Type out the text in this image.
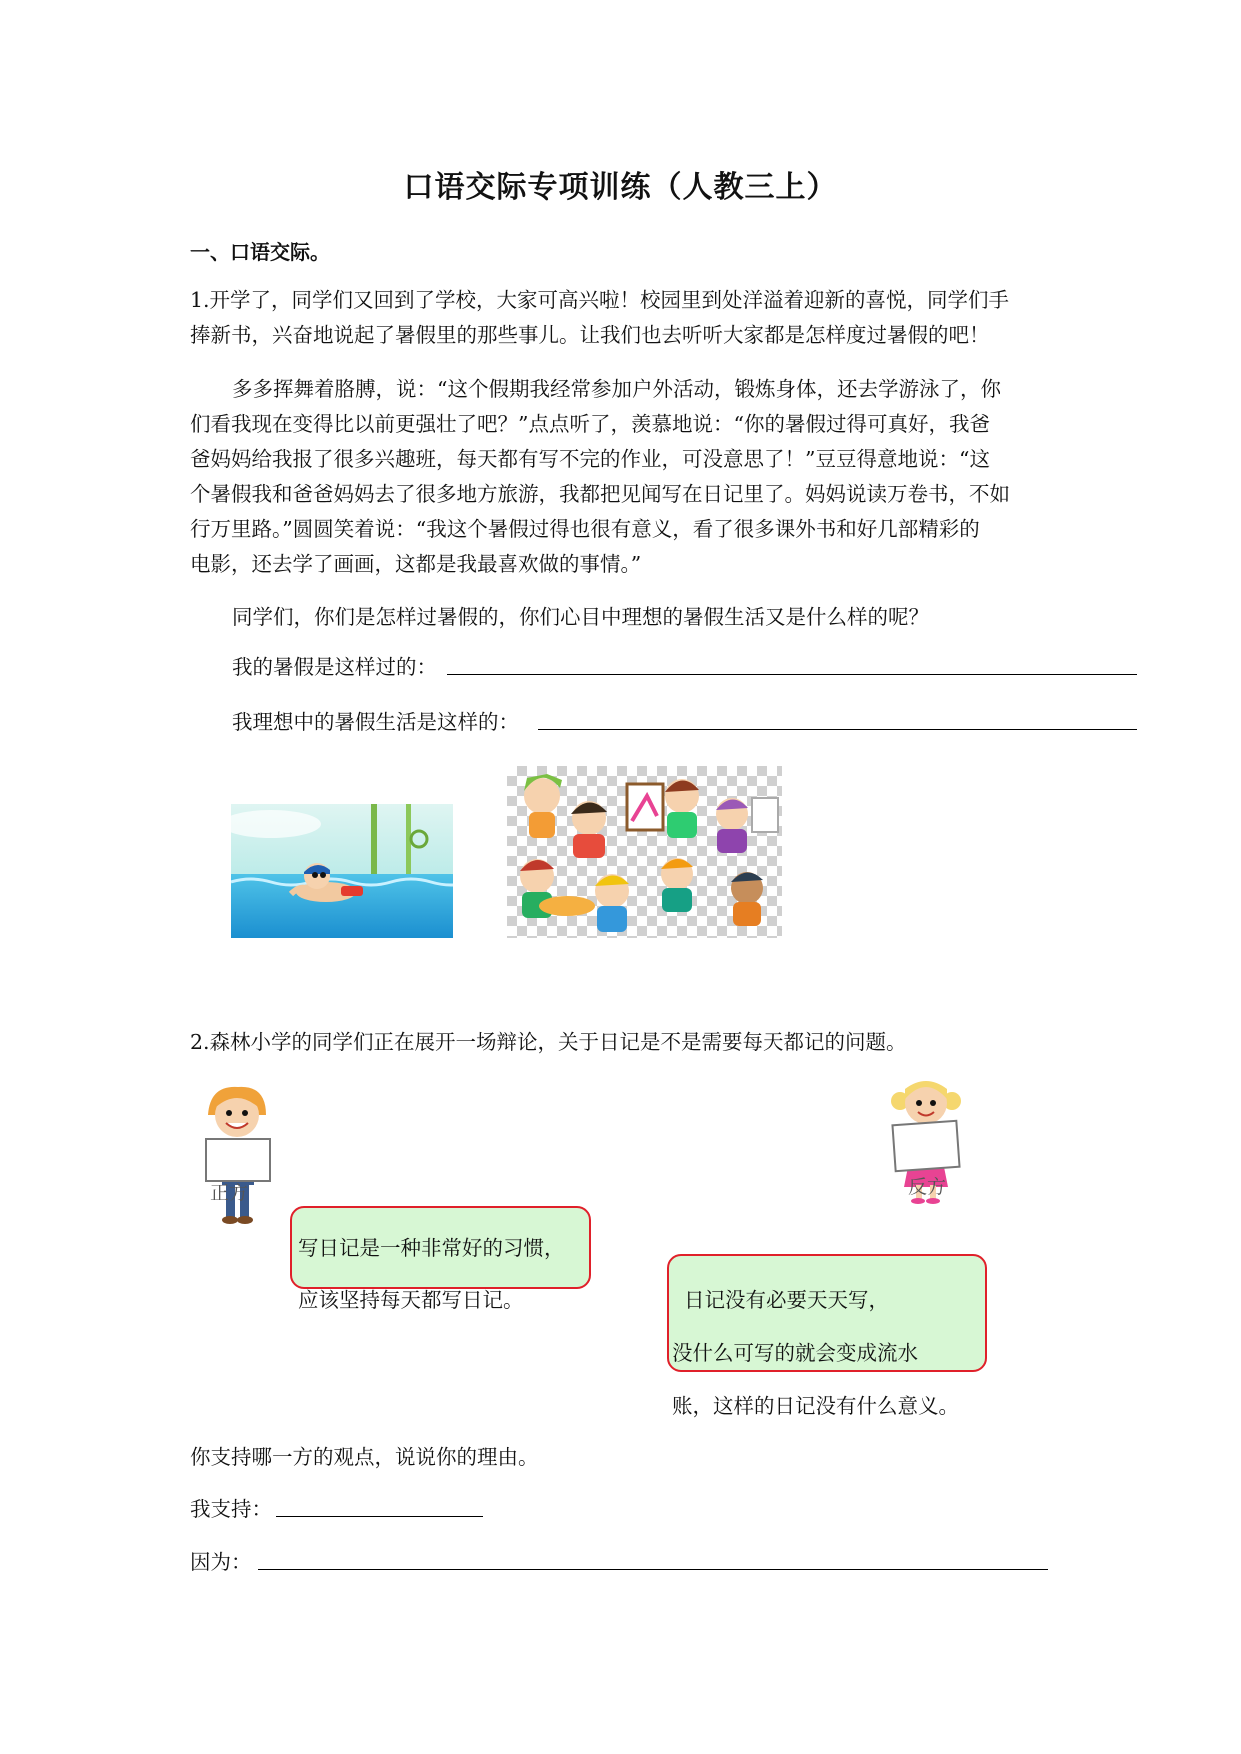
口语交际专项训练（人教三上）
一、口语交际。

1.开学了，同学们又回到了学校，大家可高兴啦！校园里到处洋溢着迎新的喜悦，同学们手

捧新书，兴奋地说起了暑假里的那些事儿。让我们也去听听大家都是怎样度过暑假的吧！

多多挥舞着胳膊，说：“这个假期我经常参加户外活动，锻炼身体，还去学游泳了，你

们看我现在变得比以前更强壮了吧？”点点听了，羡慕地说：“你的暑假过得可真好，我爸

爸妈妈给我报了很多兴趣班，每天都有写不完的作业，可没意思了！”豆豆得意地说：“这

个暑假我和爸爸妈妈去了很多地方旅游，我都把见闻写在日记里了。妈妈说读万卷书，不如

行万里路。”圆圆笑着说：“我这个暑假过得也很有意义，看了很多课外书和好几部精彩的

电影，还去学了画画，这都是我最喜欢做的事情。”

同学们，你们是怎样过暑假的，你们心目中理想的暑假生活又是什么样的呢？
我的暑假是这样过的：
我理想中的暑假生活是这样的：
2.森林小学的同学们正在展开一场辩论，关于日记是不是需要每天都记的问题。
正方	反方
写日记是一种非常好的习惯，
应该坚持每天都写日记。	日记没有必要天天写，
没什么可写的就会变成流水
账，这样的日记没有什么意义。
你支持哪一方的观点，说说你的理由。
我支持：
因为：
